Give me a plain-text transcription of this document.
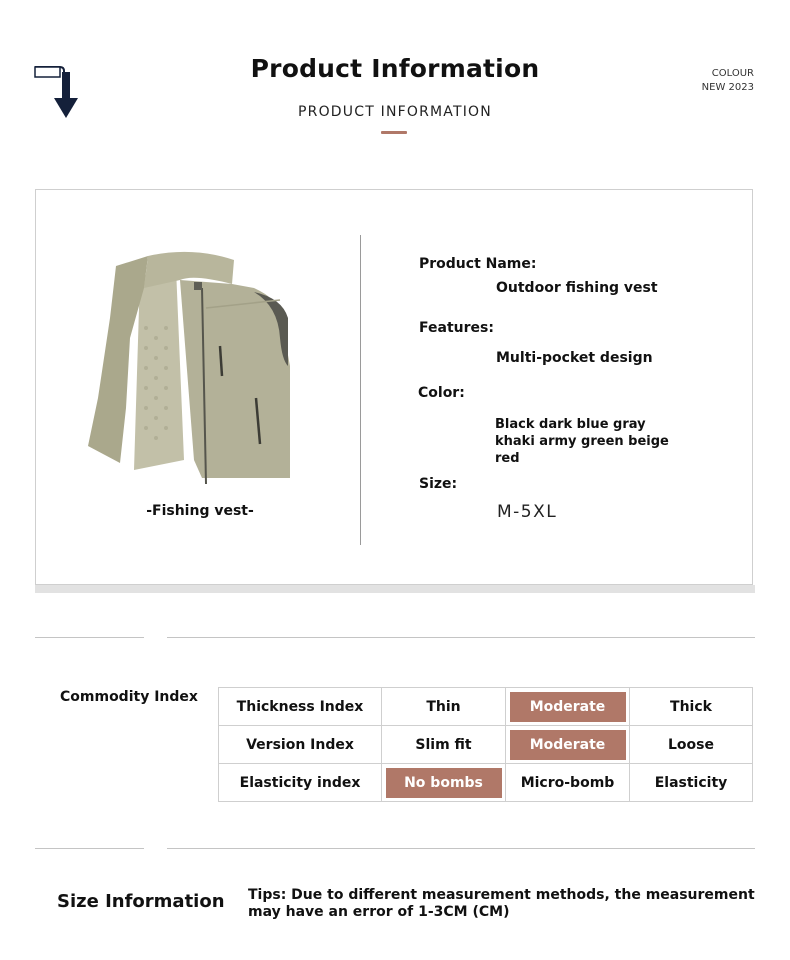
Product Information
PRODUCT INFORMATION
COLOUR
NEW 2023
-Fishing vest-
Product Name:
Outdoor fishing vest
Features:
Multi-pocket design
Color:
Black dark blue gray
khaki army green beige
red
Size:
M-5XL
Commodity Index
Thickness Index	Thin	Moderate	Thick
Version Index	Slim fit	Moderate	Loose
Elasticity index	No bombs	Micro-bomb	Elasticity
Size Information Tips: Due to different measurement methods, the measurement may have an error of 1-3CM (CM)
